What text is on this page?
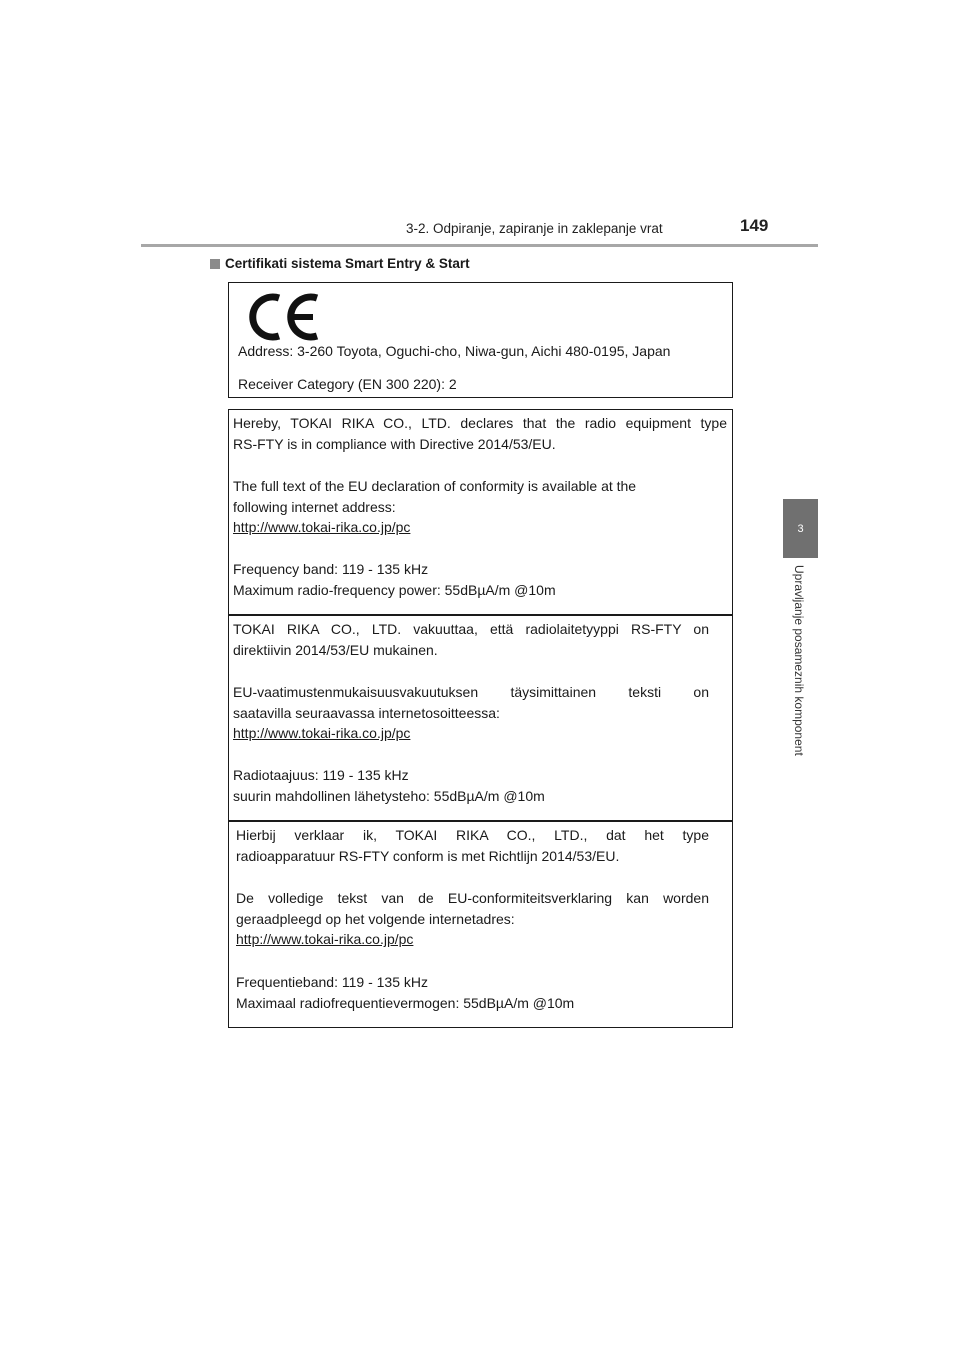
3-2. Odpiranje, zapiranje in zaklepanje vrat	149
Certifikati sistema Smart Entry & Start
3
Upravljanje posameznih komponent
Address: 3-260 Toyota, Oguchi-cho, Niwa-gun, Aichi 480-0195, Japan
Receiver Category (EN 300 220): 2
Hereby, TOKAI RIKA CO., LTD. declares that the radio equipment type
RS-FTY is in compliance with Directive 2014/53/EU.
The full text of the EU declaration of conformity is available at the
following internet address:
http://www.tokai-rika.co.jp/pc
Frequency band: 119 - 135 kHz
Maximum radio-frequency power: 55dBµA/m @10m
TOKAI RIKA CO., LTD. vakuuttaa, että radiolaitetyyppi RS-FTY on
direktiivin 2014/53/EU mukainen.
EU-vaatimustenmukaisuusvakuutuksen täysimittainen teksti on
saatavilla seuraavassa internetosoitteessa:
http://www.tokai-rika.co.jp/pc
Radiotaajuus: 119 - 135 kHz
suurin mahdollinen lähetysteho: 55dBµA/m @10m
Hierbij verklaar ik, TOKAI RIKA CO., LTD., dat het type
radioapparatuur RS-FTY conform is met Richtlijn 2014/53/EU.
De volledige tekst van de EU-conformiteitsverklaring kan worden
geraadpleegd op het volgende internetadres:
http://www.tokai-rika.co.jp/pc
Frequentieband: 119 - 135 kHz
Maximaal radiofrequentievermogen: 55dBµA/m @10m
